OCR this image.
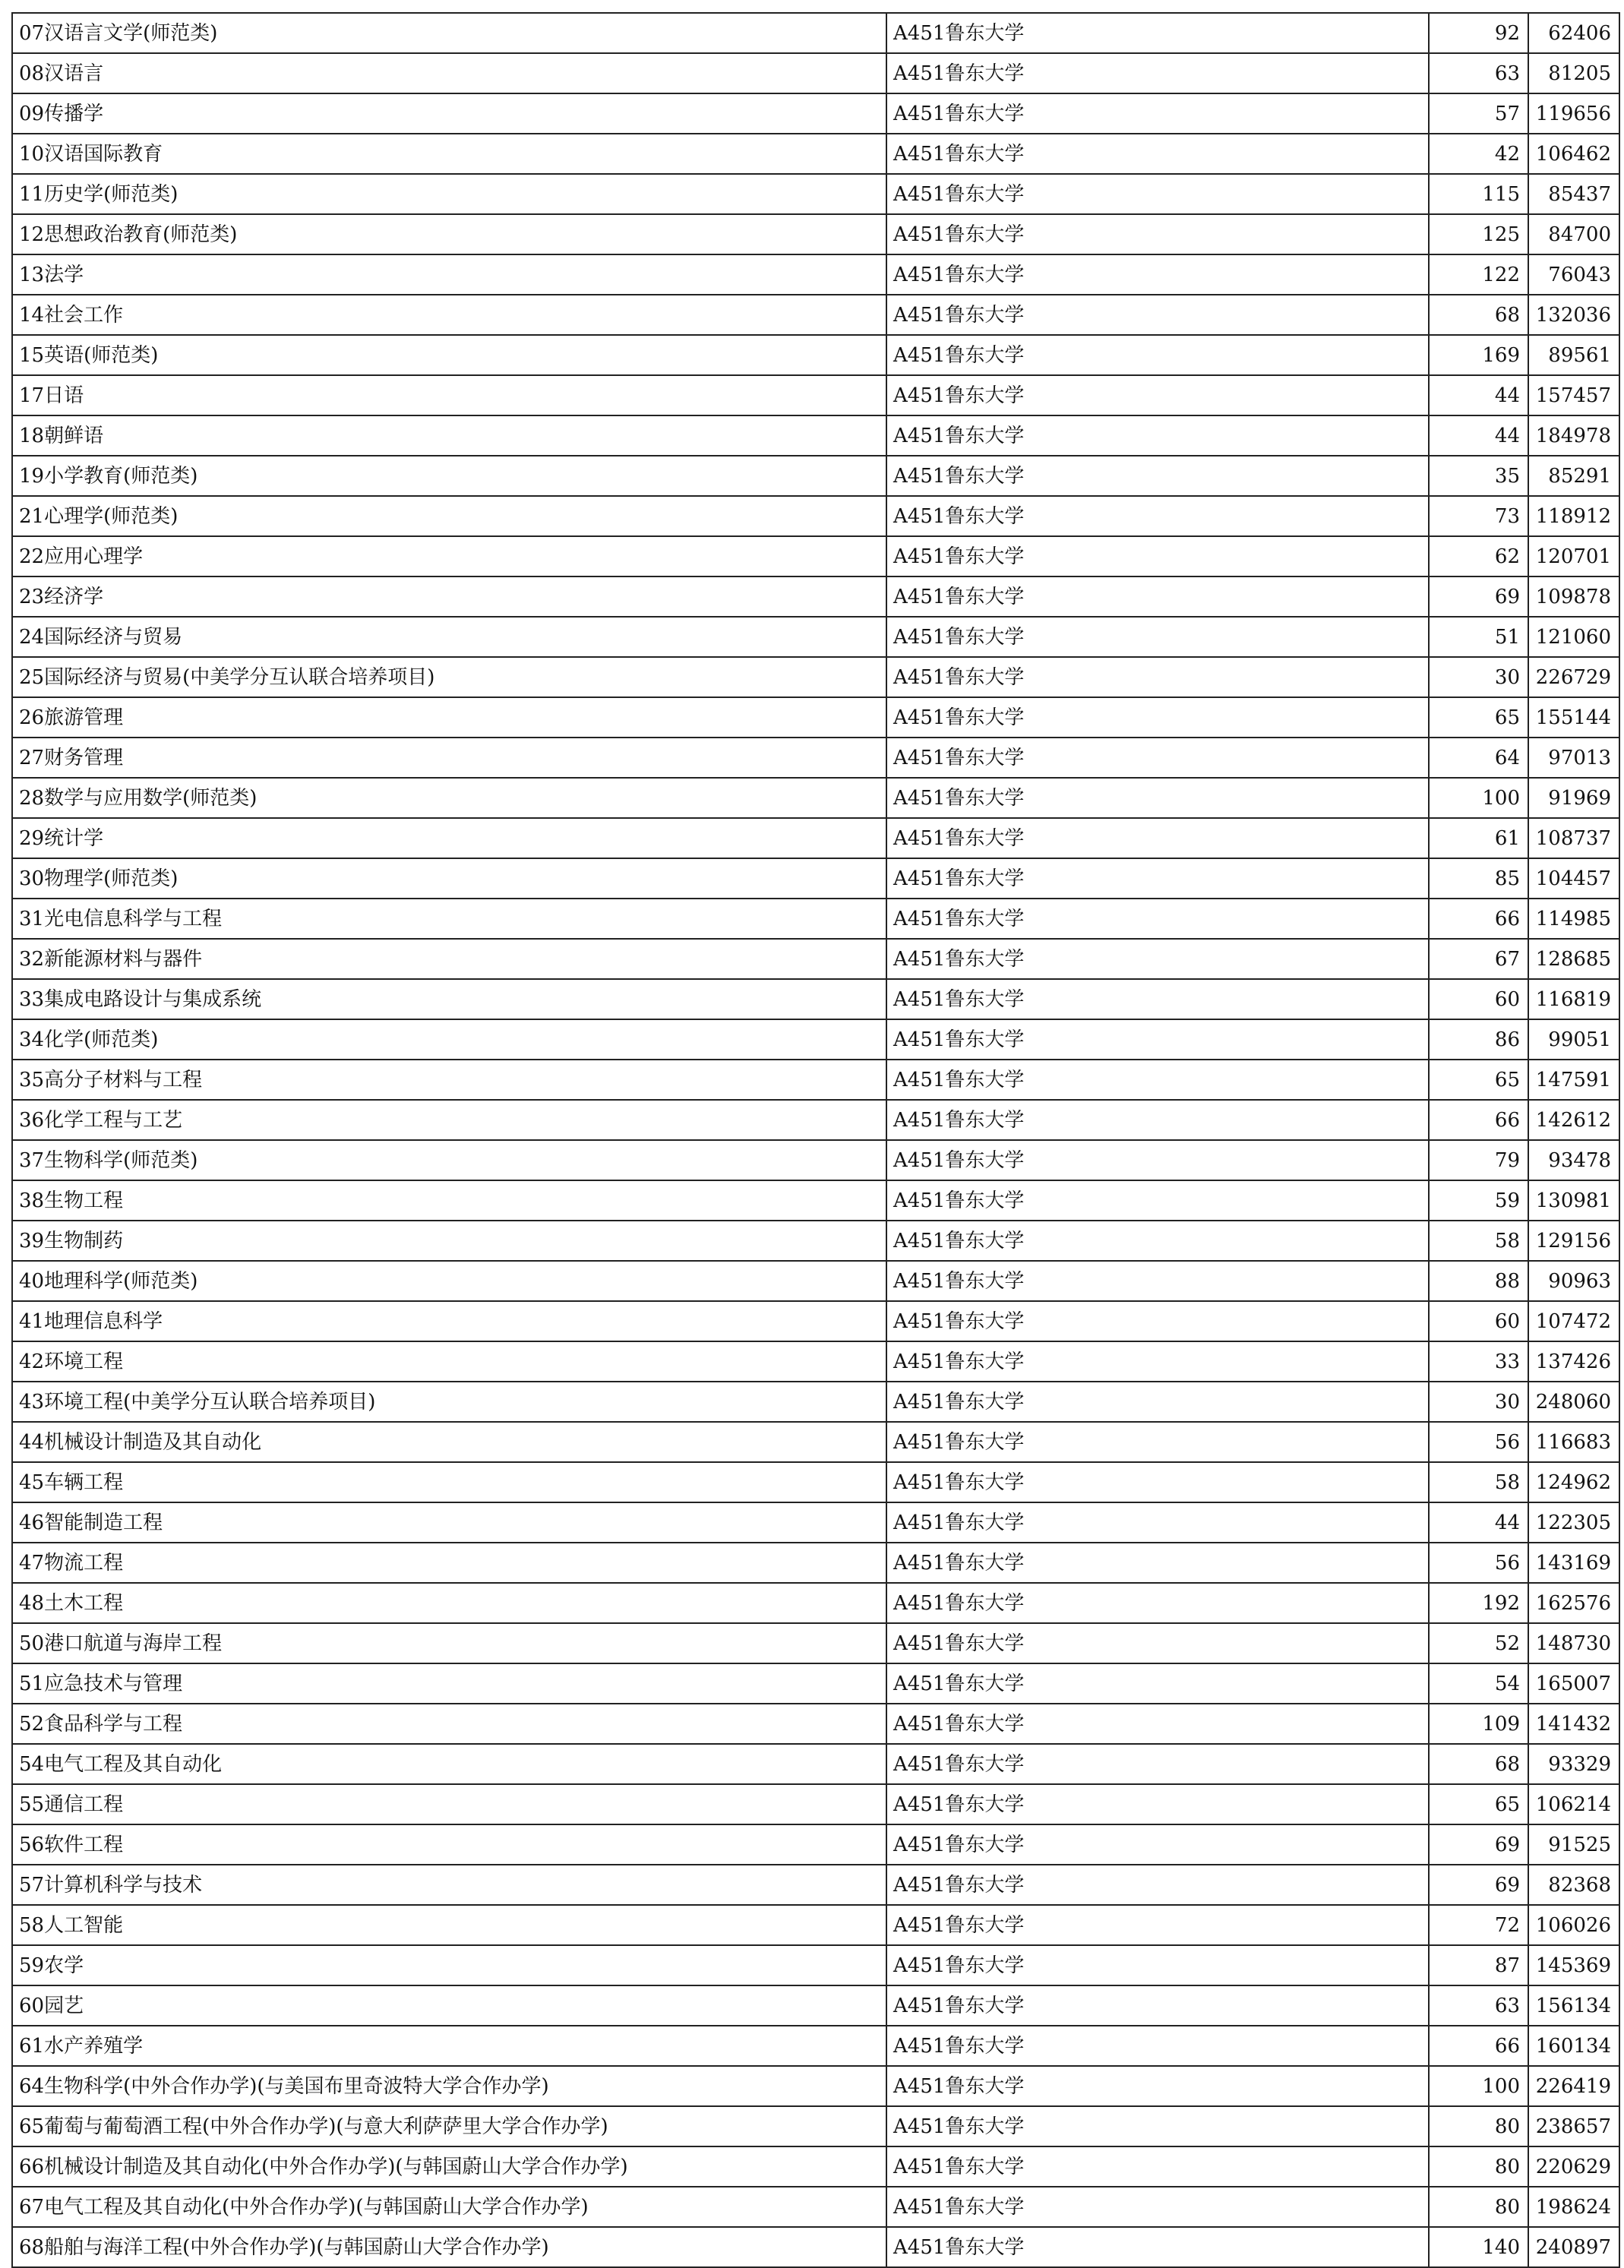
07汉语言文学(师范类)	A451鲁东大学	92	62406
08汉语言	A451鲁东大学	63	81205
09传播学	A451鲁东大学	57	119656
10汉语国际教育	A451鲁东大学	42	106462
11历史学(师范类)	A451鲁东大学	115	85437
12思想政治教育(师范类)	A451鲁东大学	125	84700
13法学	A451鲁东大学	122	76043
14社会工作	A451鲁东大学	68	132036
15英语(师范类)	A451鲁东大学	169	89561
17日语	A451鲁东大学	44	157457
18朝鲜语	A451鲁东大学	44	184978
19小学教育(师范类)	A451鲁东大学	35	85291
21心理学(师范类)	A451鲁东大学	73	118912
22应用心理学	A451鲁东大学	62	120701
23经济学	A451鲁东大学	69	109878
24国际经济与贸易	A451鲁东大学	51	121060
25国际经济与贸易(中美学分互认联合培养项目)	A451鲁东大学	30	226729
26旅游管理	A451鲁东大学	65	155144
27财务管理	A451鲁东大学	64	97013
28数学与应用数学(师范类)	A451鲁东大学	100	91969
29统计学	A451鲁东大学	61	108737
30物理学(师范类)	A451鲁东大学	85	104457
31光电信息科学与工程	A451鲁东大学	66	114985
32新能源材料与器件	A451鲁东大学	67	128685
33集成电路设计与集成系统	A451鲁东大学	60	116819
34化学(师范类)	A451鲁东大学	86	99051
35高分子材料与工程	A451鲁东大学	65	147591
36化学工程与工艺	A451鲁东大学	66	142612
37生物科学(师范类)	A451鲁东大学	79	93478
38生物工程	A451鲁东大学	59	130981
39生物制药	A451鲁东大学	58	129156
40地理科学(师范类)	A451鲁东大学	88	90963
41地理信息科学	A451鲁东大学	60	107472
42环境工程	A451鲁东大学	33	137426
43环境工程(中美学分互认联合培养项目)	A451鲁东大学	30	248060
44机械设计制造及其自动化	A451鲁东大学	56	116683
45车辆工程	A451鲁东大学	58	124962
46智能制造工程	A451鲁东大学	44	122305
47物流工程	A451鲁东大学	56	143169
48土木工程	A451鲁东大学	192	162576
50港口航道与海岸工程	A451鲁东大学	52	148730
51应急技术与管理	A451鲁东大学	54	165007
52食品科学与工程	A451鲁东大学	109	141432
54电气工程及其自动化	A451鲁东大学	68	93329
55通信工程	A451鲁东大学	65	106214
56软件工程	A451鲁东大学	69	91525
57计算机科学与技术	A451鲁东大学	69	82368
58人工智能	A451鲁东大学	72	106026
59农学	A451鲁东大学	87	145369
60园艺	A451鲁东大学	63	156134
61水产养殖学	A451鲁东大学	66	160134
64生物科学(中外合作办学)(与美国布里奇波特大学合作办学)	A451鲁东大学	100	226419
65葡萄与葡萄酒工程(中外合作办学)(与意大利萨萨里大学合作办学)	A451鲁东大学	80	238657
66机械设计制造及其自动化(中外合作办学)(与韩国蔚山大学合作办学)	A451鲁东大学	80	220629
67电气工程及其自动化(中外合作办学)(与韩国蔚山大学合作办学)	A451鲁东大学	80	198624
68船舶与海洋工程(中外合作办学)(与韩国蔚山大学合作办学)	A451鲁东大学	140	240897
